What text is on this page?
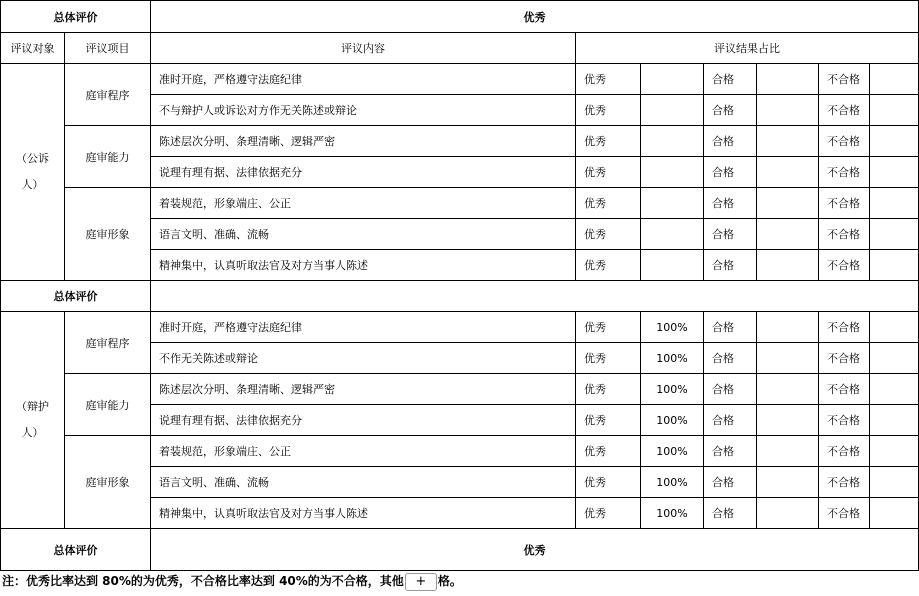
总体评价		优秀						
评议对象	评议项目	评议内容	评议结果占比					
（公诉人）	庭审程序	准时开庭，严格遵守法庭纪律	优秀		合格		不合格	
		不与辩护人或诉讼对方作无关陈述或辩论	优秀		合格		不合格	
	庭审能力	陈述层次分明、条理清晰、逻辑严密	优秀		合格		不合格	
		说理有理有据、法律依据充分	优秀		合格		不合格	
	庭审形象	着装规范，形象端庄、公正	优秀		合格		不合格	
		语言文明、准确、流畅	优秀		合格		不合格	
		精神集中，认真听取法官及对方当事人陈述	优秀		合格		不合格	
总体评价								
（辩护人）	庭审程序	准时开庭，严格遵守法庭纪律	优秀	100%	合格		不合格	
		不作无关陈述或辩论	优秀	100%	合格		不合格	
	庭审能力	陈述层次分明、条理清晰、逻辑严密	优秀	100%	合格		不合格	
		说理有理有据、法律依据充分	优秀	100%	合格		不合格	
	庭审形象	着装规范，形象端庄、公正	优秀	100%	合格		不合格	
		语言文明、准确、流畅	优秀	100%	合格		不合格	
		精神集中，认真听取法官及对方当事人陈述	优秀	100%	合格		不合格	
总体评价		优秀						
注：优秀比率达到 80%的为优秀，不合格比率达到 40%的为不合格，其他 + 格。
